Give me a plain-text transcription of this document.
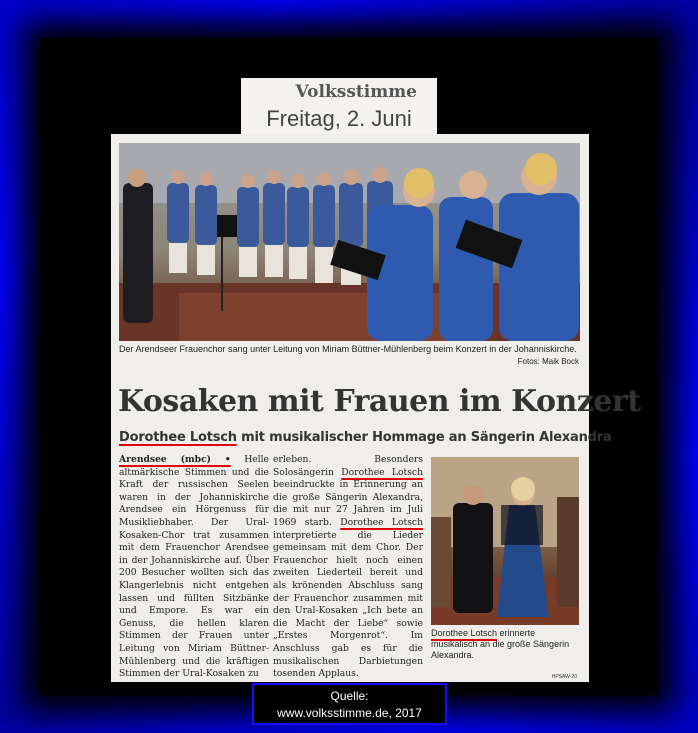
Volksstimme
Freitag, 2. Juni
Der Arendseer Frauenchor sang unter Leitung von Miriam Büttner-Mühlenberg beim Konzert in der Johanniskirche.
Fotos: Maik Bock
Kosaken mit Frauen im Konzert
Dorothee Lotsch mit musikalischer Hommage an Sängerin Alexandra
Arendsee (mbc) • Helle altmärkische Stimmen und die Kraft der russischen Seelen waren in der Johanniskirche Arendsee ein Hörgenuss für Musikliebhaber. Der Ural-Kosaken-Chor trat zusammen mit dem Frauenchor Arendsee in der Johanniskirche auf. Über 200 Besucher wollten sich das Klangerlebnis nicht entgehen lassen und füllten Sitzbänke und Empore. Es war ein Genuss, die hellen klaren Stimmen der Frauen unter Leitung von Miriam Büttner-Mühlenberg und die kräftigen Stimmen der Ural-Kosaken zu
erleben. Besonders Solosängerin Dorothee Lotsch beeindruckte in Erinnerung an die große Sängerin Alexandra, die mit nur 27 Jahren im Juli 1969 starb. Dorothee Lotsch interpretierte die Lieder gemeinsam mit dem Chor. Der Frauenchor hielt noch einen zweiten Liederteil bereit und als krönenden Abschluss sang der Frauenchor zusammen mit den Ural-Kosaken „Ich bete an die Macht der Liebe“ sowie „Erstes Morgenrot“. Im Anschluss gab es für die musikalischen Darbietungen tosenden Applaus.
Dorothee Lotsch erinnerte musikalisch an die große Sängerin Alexandra.
HPSAW-20
Quelle:
www.volksstimme.de, 2017
